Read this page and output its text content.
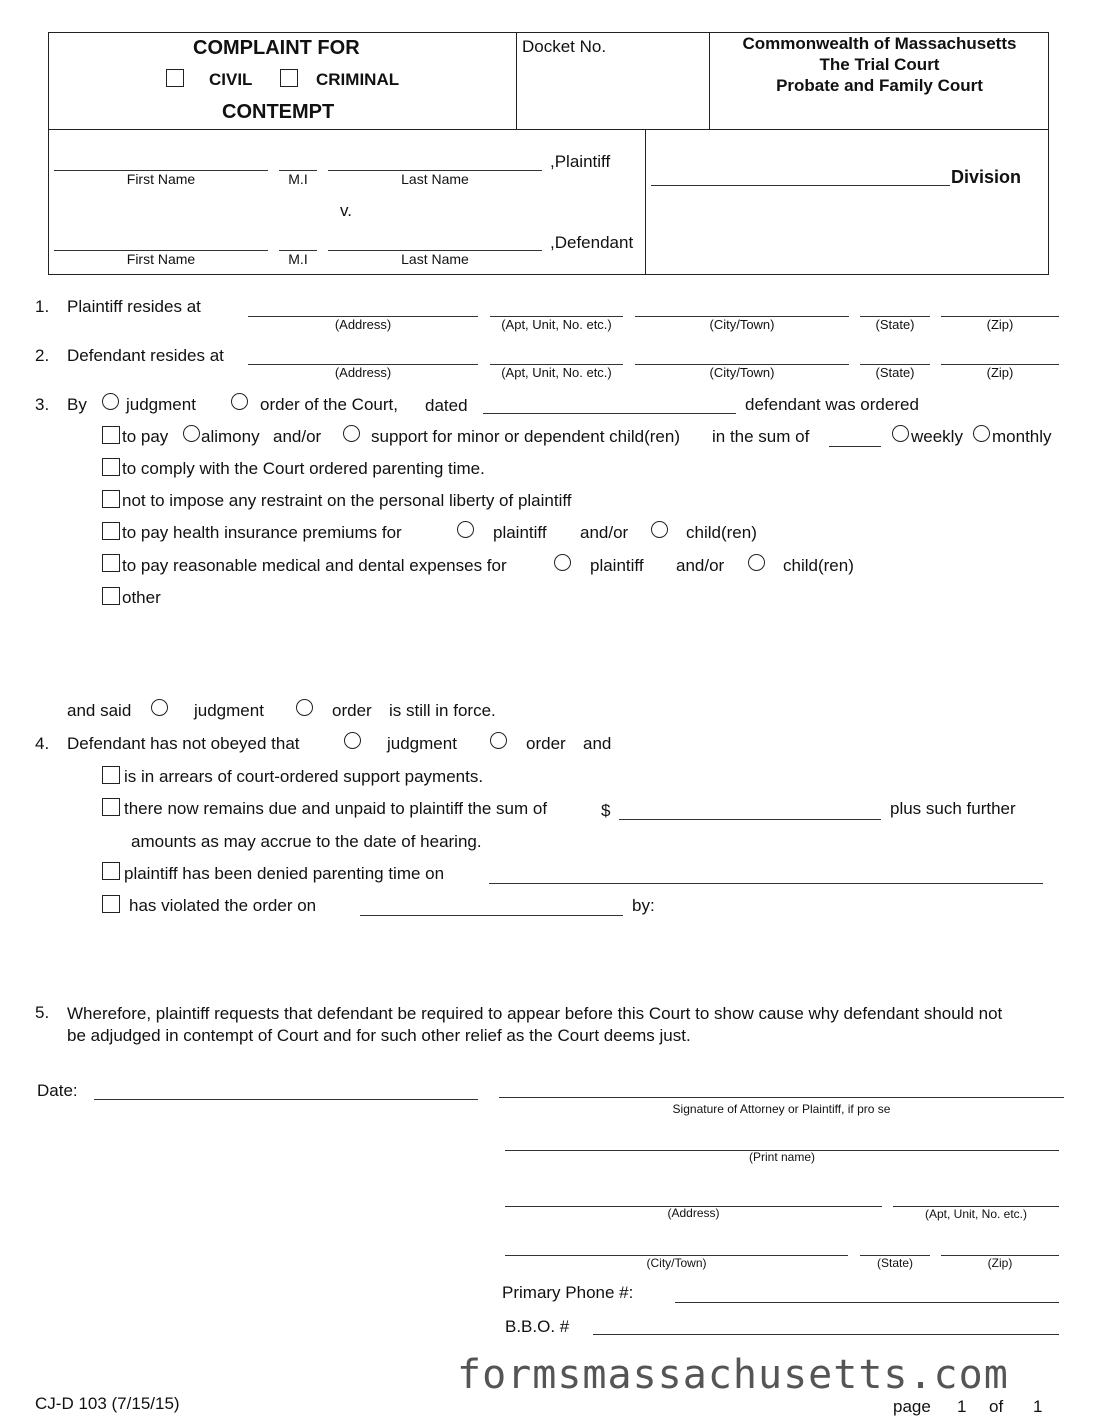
COMPLAINT FOR
CIVIL	CRIMINAL
CONTEMPT
Docket No.	Commonwealth of Massachusetts
The Trial Court
Probate and Family Court
First Name	M.I	Last Name
,Plaintiff
v.
First Name	M.I	Last Name
,Defendant
Division
1. Plaintiff resides at
(Address)	(Apt, Unit, No. etc.)	(City/Town)	(State)	(Zip)
2. Defendant resides at
(Address)	(Apt, Unit, No. etc.)	(City/Town)	(State)	(Zip)
3. By judgment	order of the Court, dated	defendant was ordered
to pay alimony and/or	support for minor or dependent child(ren) in the sum of	weekly monthly
to comply with the Court ordered parenting time.
not to impose any restraint on the personal liberty of plaintiff
to pay health insurance premiums for	plaintiff and/or	child(ren)
to pay reasonable medical and dental expenses for	plaintiff and/or	child(ren)
other
and said	judgment	order is still in force.
4. Defendant has not obeyed that	judgment	order and
is in arrears of court-ordered support payments.
there now remains due and unpaid to plaintiff the sum of	$	plus such further
amounts as may accrue to the date of hearing.
plaintiff has been denied parenting time on
has violated the order on	by:
5. Wherefore, plaintiff requests that defendant be required to appear before this Court to show cause why defendant should not
be adjudged in contempt of Court and for such other relief as the Court deems just.
Date:
Signature of Attorney or Plaintiff, if pro se
(Print name)
(Address)	(Apt, Unit, No. etc.)
(City/Town)	(State)	(Zip)
Primary Phone #:
B.B.O. #
formsmassachusetts.com
CJ-D 103 (7/15/15)	page 1 of 1
